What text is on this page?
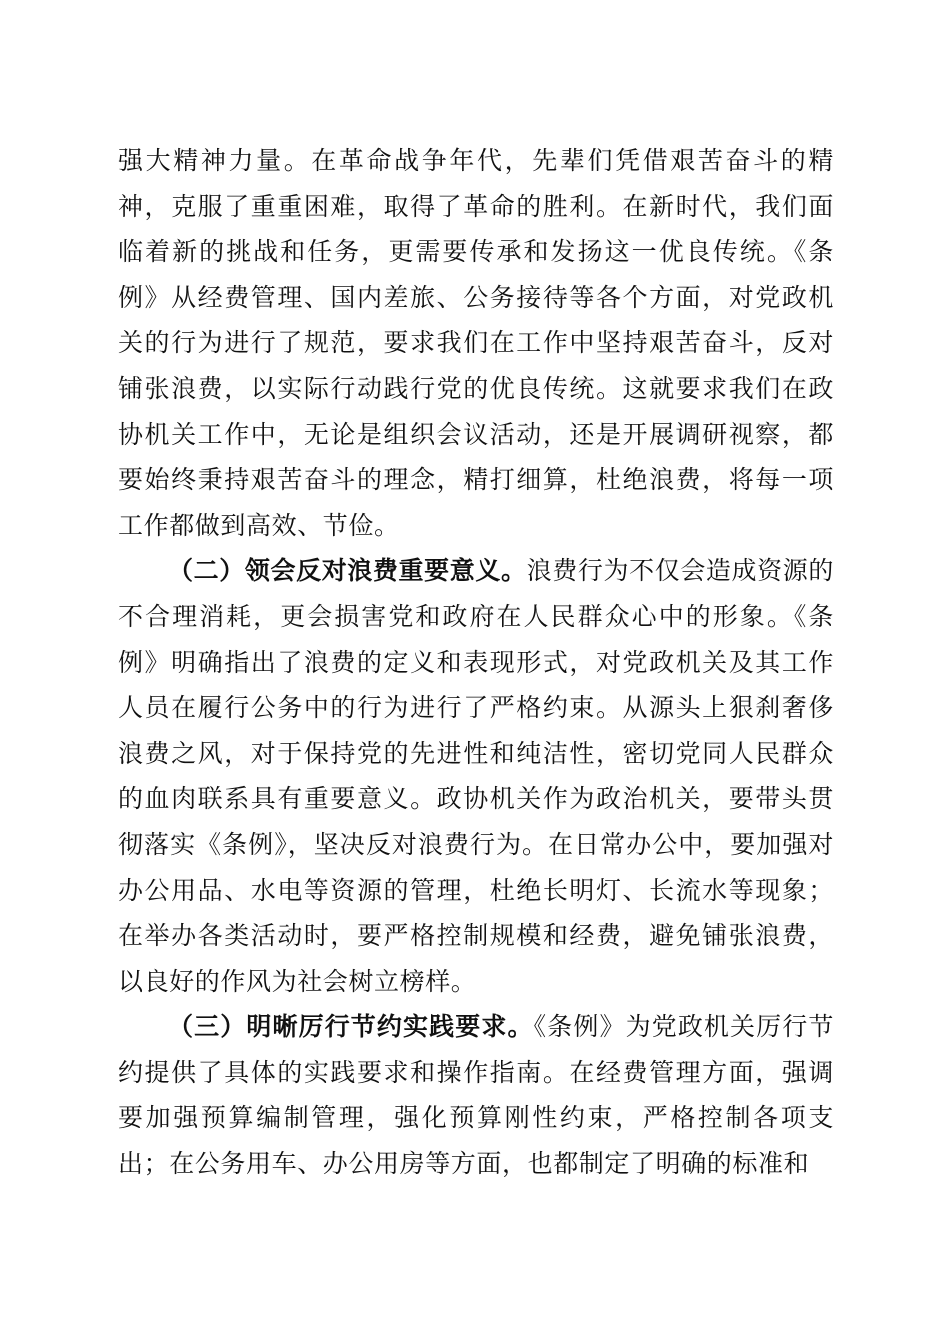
强大精神力量。在革命战争年代，先辈们凭借艰苦奋斗的精神，克服了重重困难，取得了革命的胜利。在新时代，我们面临着新的挑战和任务，更需要传承和发扬这一优良传统。《条例》从经费管理、国内差旅、公务接待等各个方面，对党政机关的行为进行了规范，要求我们在工作中坚持艰苦奋斗，反对铺张浪费，以实际行动践行党的优良传统。这就要求我们在政协机关工作中，无论是组织会议活动，还是开展调研视察，都要始终秉持艰苦奋斗的理念，精打细算，杜绝浪费，将每一项工作都做到高效、节俭。

（二）领会反对浪费重要意义。浪费行为不仅会造成资源的不合理消耗，更会损害党和政府在人民群众心中的形象。《条例》明确指出了浪费的定义和表现形式，对党政机关及其工作人员在履行公务中的行为进行了严格约束。从源头上狠刹奢侈浪费之风，对于保持党的先进性和纯洁性，密切党同人民群众的血肉联系具有重要意义。政协机关作为政治机关，要带头贯彻落实《条例》，坚决反对浪费行为。在日常办公中，要加强对办公用品、水电等资源的管理，杜绝长明灯、长流水等现象；在举办各类活动时，要严格控制规模和经费，避免铺张浪费，以良好的作风为社会树立榜样。

（三）明晰厉行节约实践要求。《条例》为党政机关厉行节约提供了具体的实践要求和操作指南。在经费管理方面，强调要加强预算编制管理，强化预算刚性约束，严格控制各项支出；在公务用车、办公用房等方面，也都制定了明确的标准和
